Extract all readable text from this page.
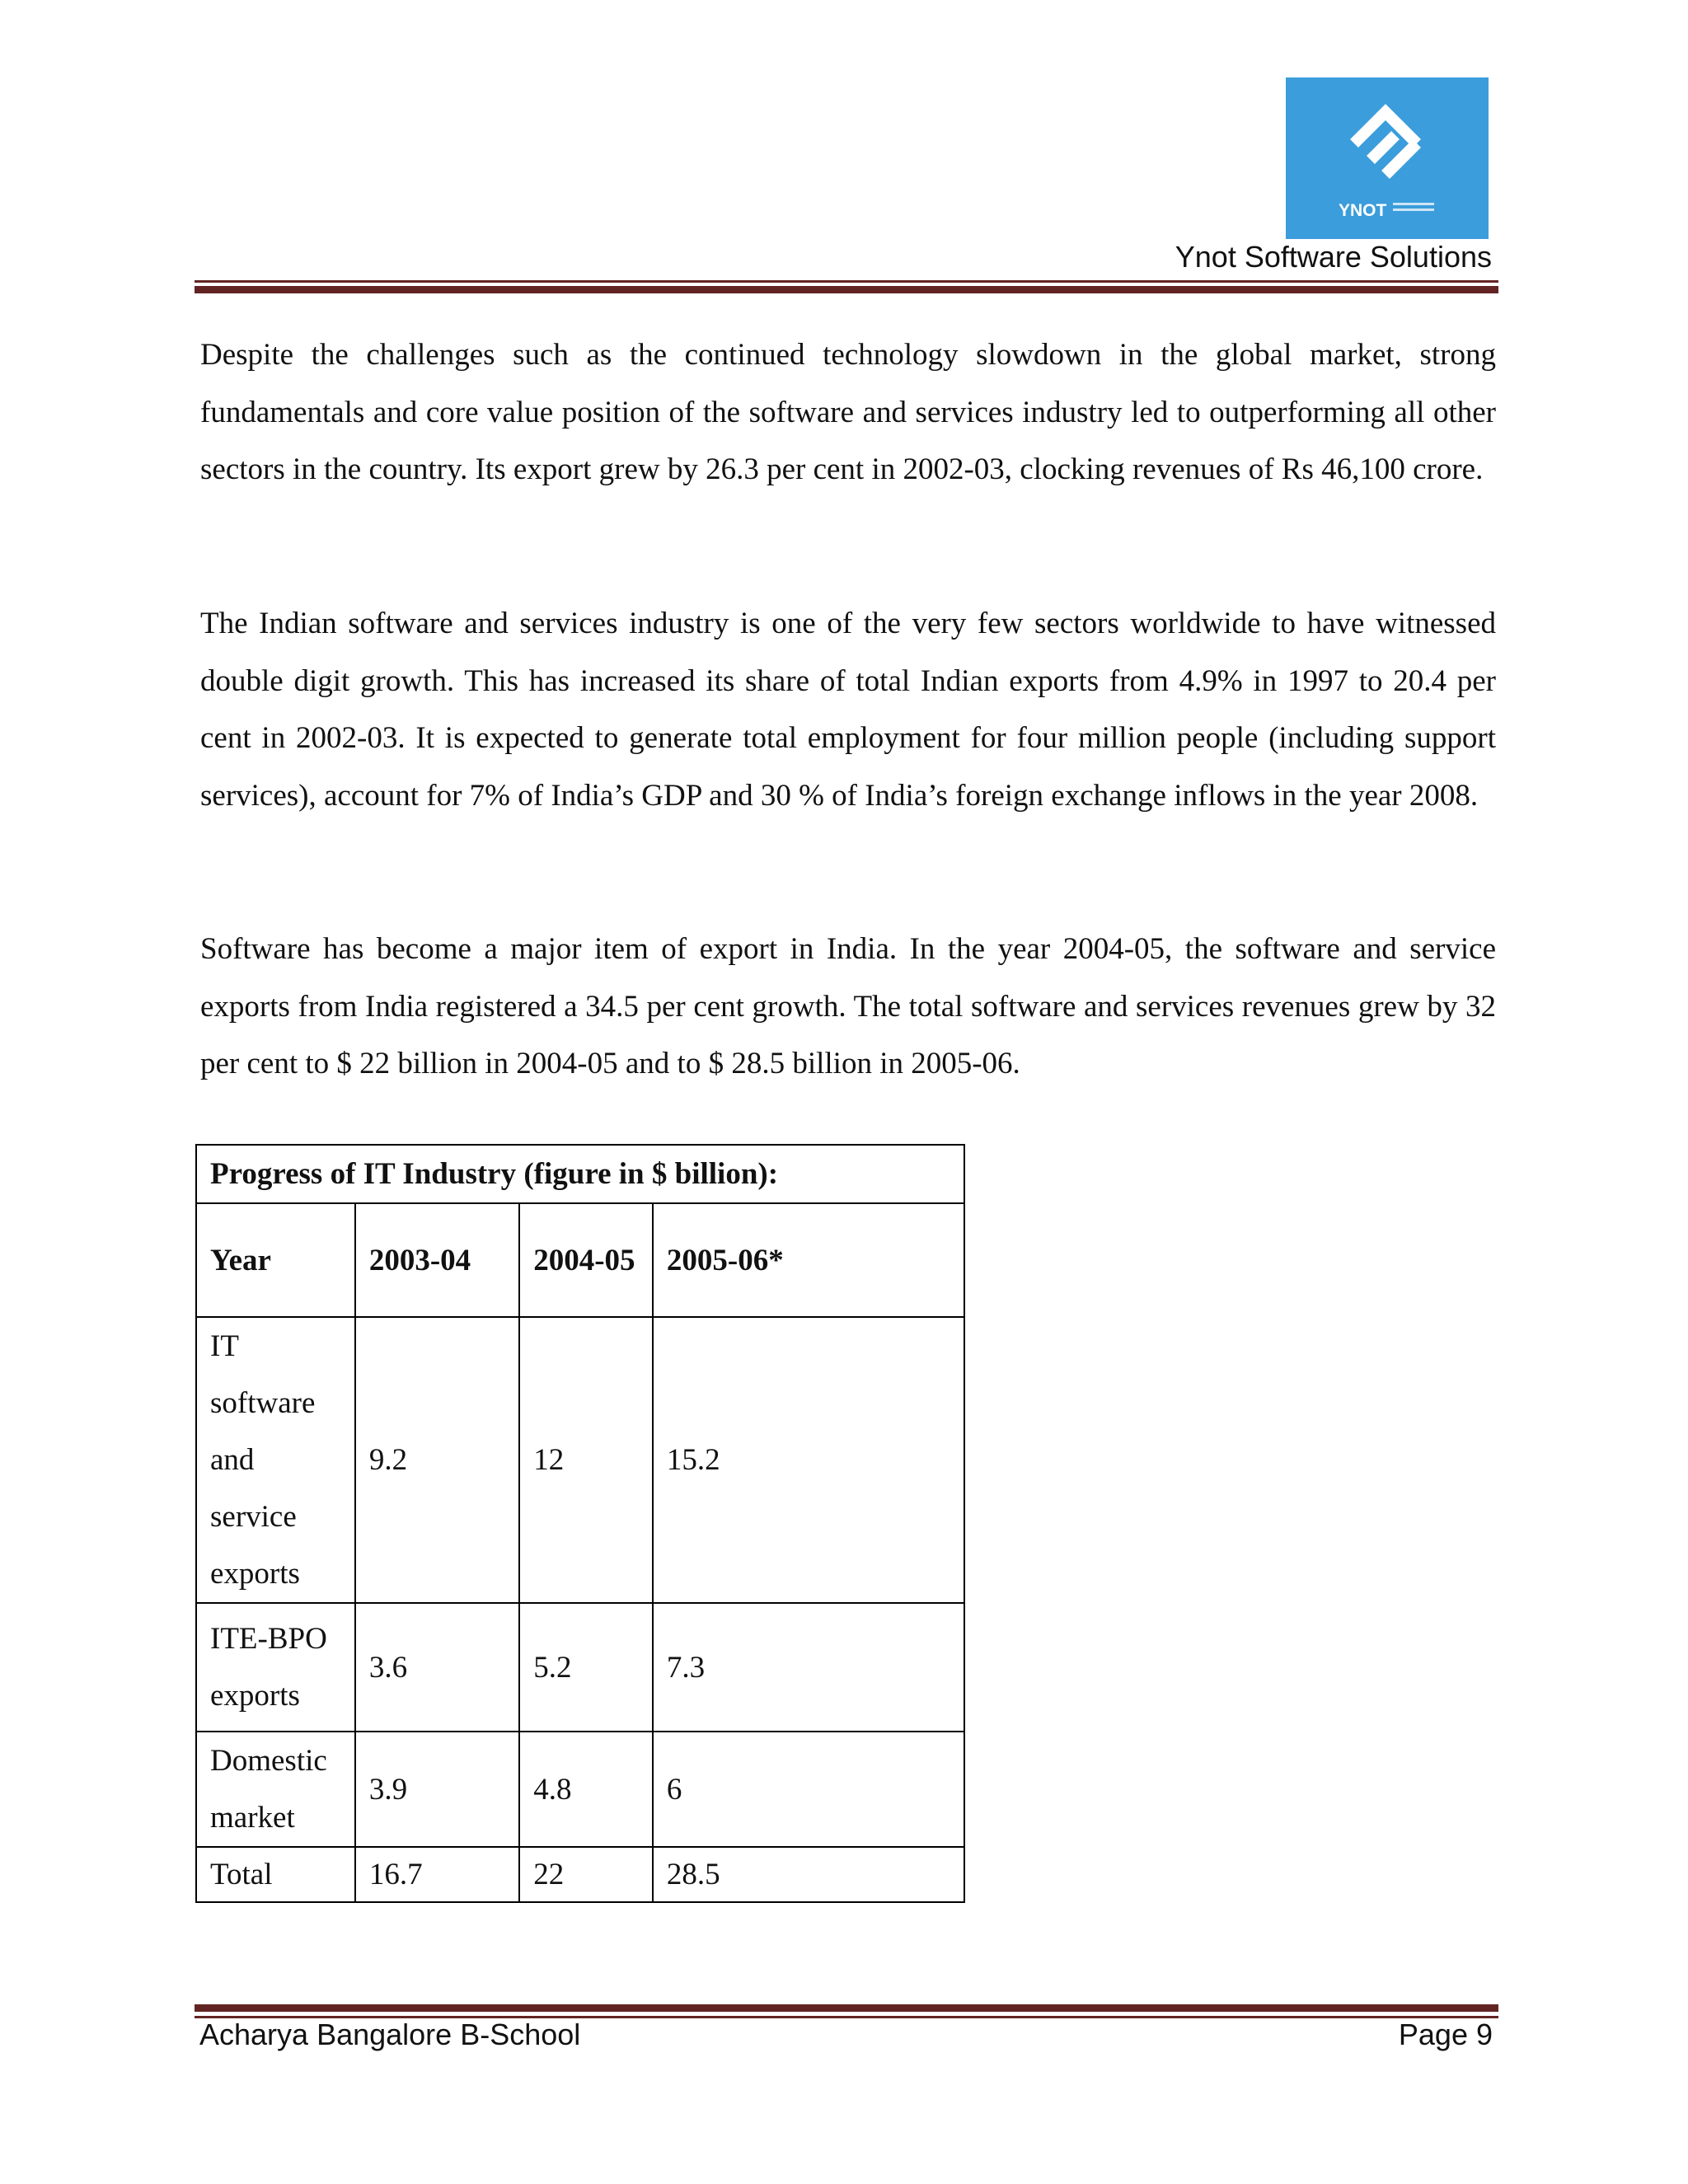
YNOT
Ynot Software Solutions

Despite the challenges such as the continued technology slowdown in the global market, strong fundamentals and core value position of the software and services industry led to outperforming all other sectors in the country. Its export grew by 26.3 per cent in 2002-03, clocking revenues of Rs 46,100 crore.

The Indian software and services industry is one of the very few sectors worldwide to have witnessed double digit growth. This has increased its share of total Indian exports from 4.9% in 1997 to 20.4 per cent in 2002-03. It is expected to generate total employment for four million people (including support services), account for 7% of India’s GDP and 30 % of India’s foreign exchange inflows in the year 2008.

Software has become a major item of export in India. In the year 2004-05, the software and service exports from India registered a 34.5 per cent growth. The total software and services revenues grew by 32 per cent to $ 22 billion in 2004-05 and to $ 28.5 billion in 2005-06.

Progress of IT Industry (figure in $ billion):			
Year	2003-04	2004-05	2005-06*
IT software and service exports	9.2	12	15.2
ITE-BPO exports	3.6	5.2	7.3
Domestic market	3.9	4.8	6
Total	16.7	22	28.5
Acharya Bangalore B-School	Page 9
